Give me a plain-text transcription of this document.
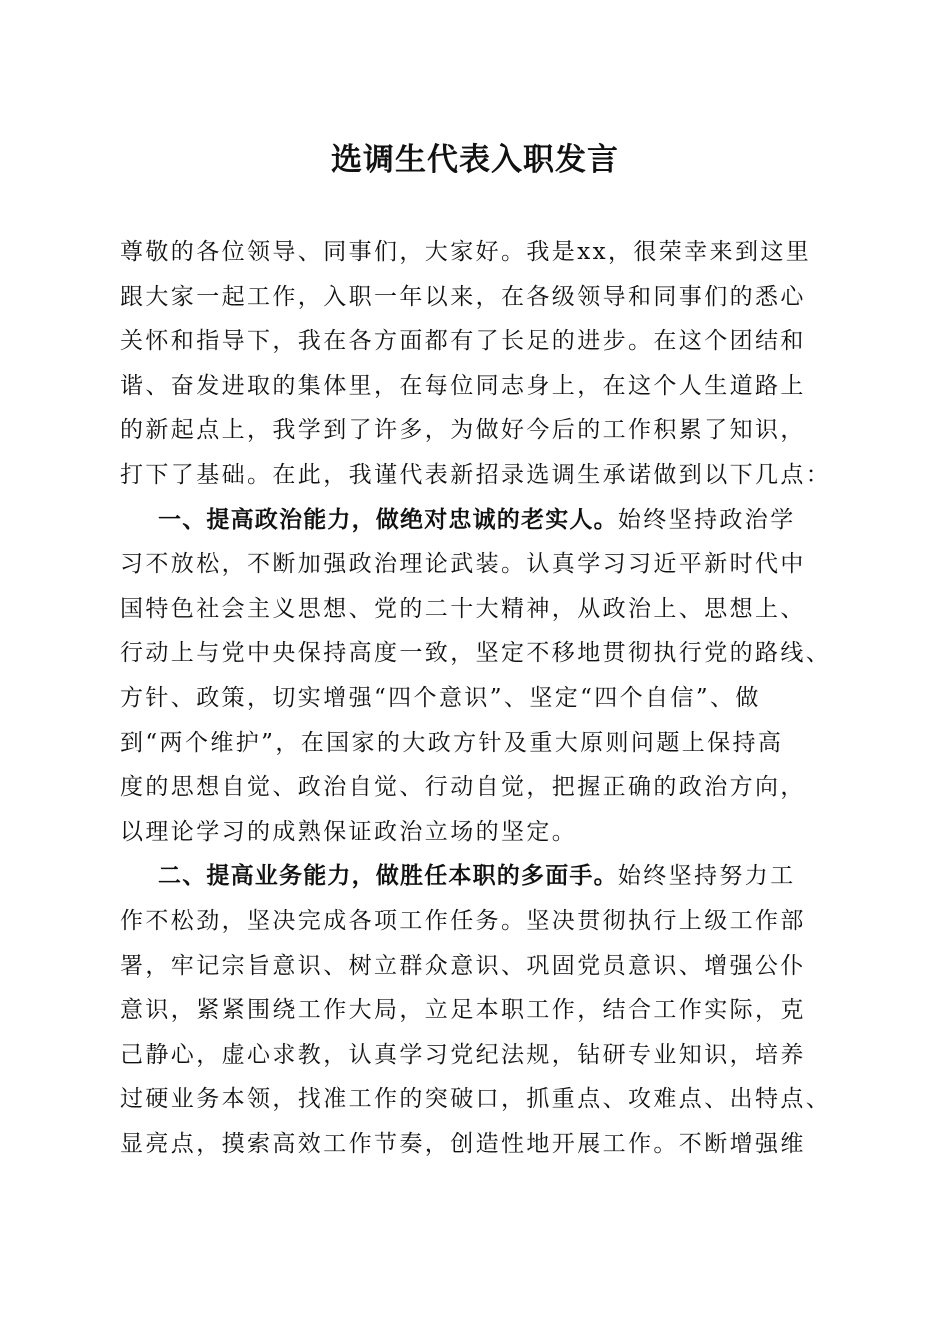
选调生代表入职发言
尊敬的各位领导、同事们，大家好。我是xx，很荣幸来到这里
跟大家一起工作，入职一年以来，在各级领导和同事们的悉心
关怀和指导下，我在各方面都有了长足的进步。在这个团结和
谐、奋发进取的集体里，在每位同志身上，在这个人生道路上
的新起点上，我学到了许多，为做好今后的工作积累了知识，
打下了基础。在此，我谨代表新招录选调生承诺做到以下几点：
一、提高政治能力，做绝对忠诚的老实人。始终坚持政治学
习不放松，不断加强政治理论武装。认真学习习近平新时代中
国特色社会主义思想、党的二十大精神，从政治上、思想上、
行动上与党中央保持高度一致，坚定不移地贯彻执行党的路线、
方针、政策，切实增强“四个意识”、坚定“四个自信”、做
到“两个维护”，在国家的大政方针及重大原则问题上保持高
度的思想自觉、政治自觉、行动自觉，把握正确的政治方向，
以理论学习的成熟保证政治立场的坚定。
二、提高业务能力，做胜任本职的多面手。始终坚持努力工
作不松劲，坚决完成各项工作任务。坚决贯彻执行上级工作部
署，牢记宗旨意识、树立群众意识、巩固党员意识、增强公仆
意识，紧紧围绕工作大局，立足本职工作，结合工作实际，克
己静心，虚心求教，认真学习党纪法规，钻研专业知识，培养
过硬业务本领，找准工作的突破口，抓重点、攻难点、出特点、
显亮点，摸索高效工作节奏，创造性地开展工作。不断增强维
